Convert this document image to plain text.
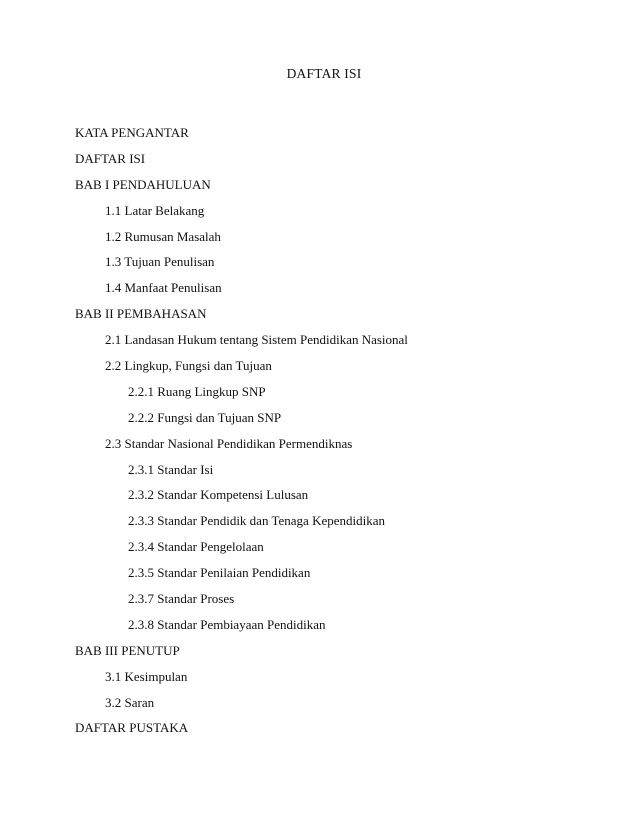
DAFTAR ISI
KATA PENGANTAR
DAFTAR ISI
BAB I PENDAHULUAN
1.1 Latar Belakang
1.2 Rumusan Masalah
1.3 Tujuan Penulisan
1.4 Manfaat Penulisan
BAB II PEMBAHASAN
2.1 Landasan Hukum tentang Sistem Pendidikan Nasional
2.2 Lingkup, Fungsi dan Tujuan
2.2.1 Ruang Lingkup SNP
2.2.2 Fungsi dan Tujuan SNP
2.3 Standar Nasional Pendidikan Permendiknas
2.3.1 Standar Isi
2.3.2 Standar Kompetensi Lulusan
2.3.3 Standar Pendidik dan Tenaga Kependidikan
2.3.4 Standar Pengelolaan
2.3.5 Standar Penilaian Pendidikan
2.3.7 Standar Proses
2.3.8 Standar Pembiayaan Pendidikan
BAB III PENUTUP
3.1 Kesimpulan
3.2 Saran
DAFTAR PUSTAKA
